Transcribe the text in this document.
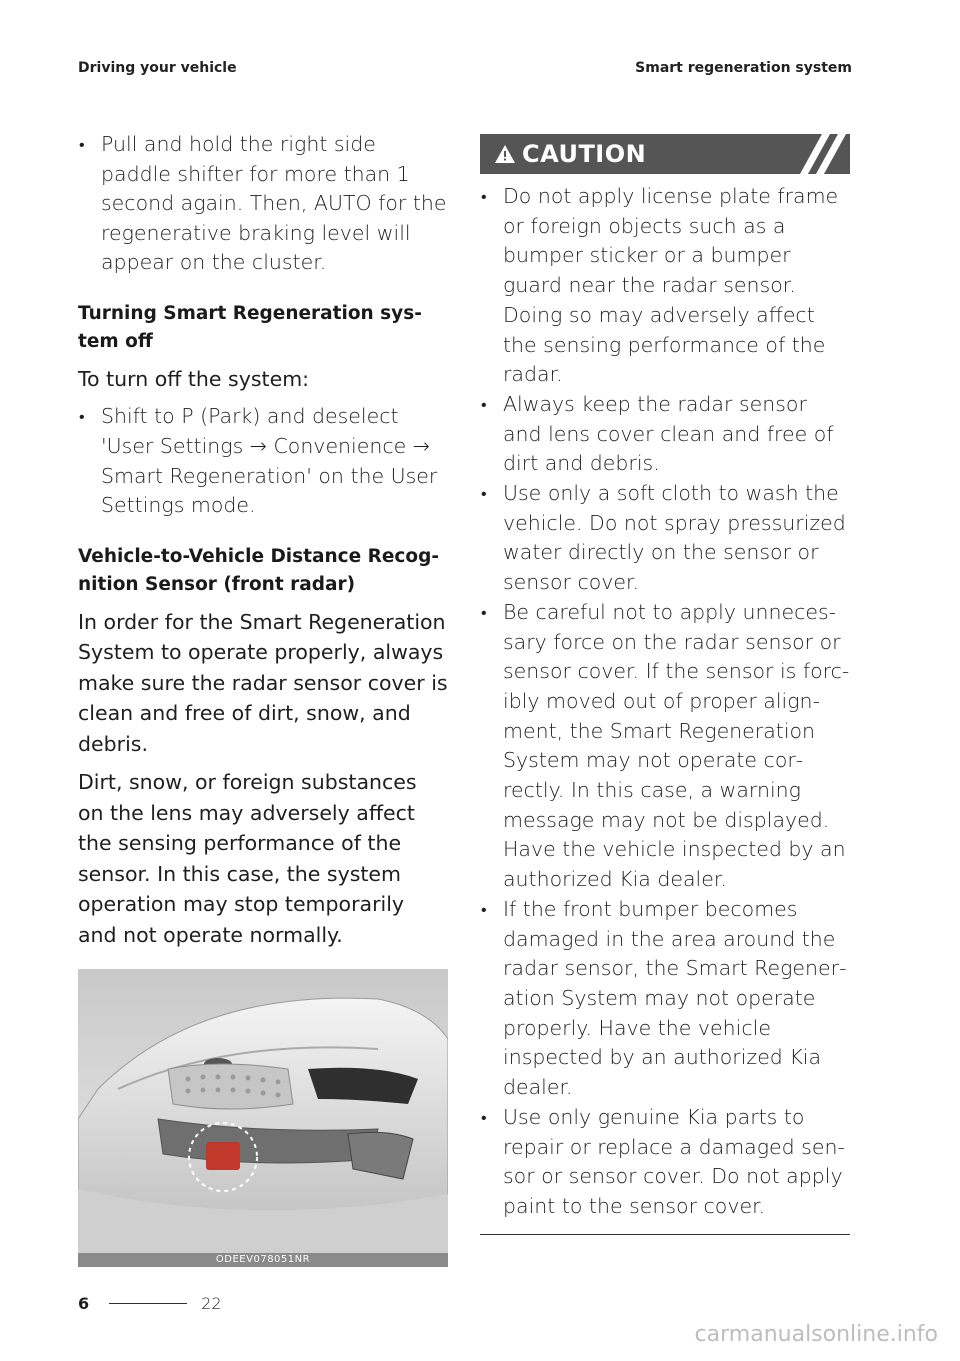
Driving your vehicle	Smart regeneration system
• Pull and hold the right side paddle shifter for more than 1 second again. Then, AUTO for the regenerative braking level will appear on the cluster.
Turning Smart Regeneration system off
To turn off the system:
• Shift to P (Park) and deselect 'User Settings → Convenience → Smart Regeneration' on the User Settings mode.
Vehicle-to-Vehicle Distance Recognition Sensor (front radar)
In order for the Smart Regeneration System to operate properly, always make sure the radar sensor cover is clean and free of dirt, snow, and debris.
Dirt, snow, or foreign substances on the lens may adversely affect the sensing performance of the sensor. In this case, the system operation may stop temporarily and not operate normally.
ODEEV078051NR
CAUTION
• Do not apply license plate frame or foreign objects such as a bumper sticker or a bumper guard near the radar sensor. Doing so may adversely affect the sensing performance of the radar.
• Always keep the radar sensor and lens cover clean and free of dirt and debris.
• Use only a soft cloth to wash the vehicle. Do not spray pressurized water directly on the sensor or sensor cover.
• Be careful not to apply unnecessary force on the radar sensor or sensor cover. If the sensor is forcibly moved out of proper alignment, the Smart Regeneration System may not operate correctly. In this case, a warning message may not be displayed. Have the vehicle inspected by an authorized Kia dealer.
• If the front bumper becomes damaged in the area around the radar sensor, the Smart Regeneration System may not operate properly. Have the vehicle inspected by an authorized Kia dealer.
• Use only genuine Kia parts to repair or replace a damaged sensor or sensor cover. Do not apply paint to the sensor cover.
6	22
carmanualsonline.info
